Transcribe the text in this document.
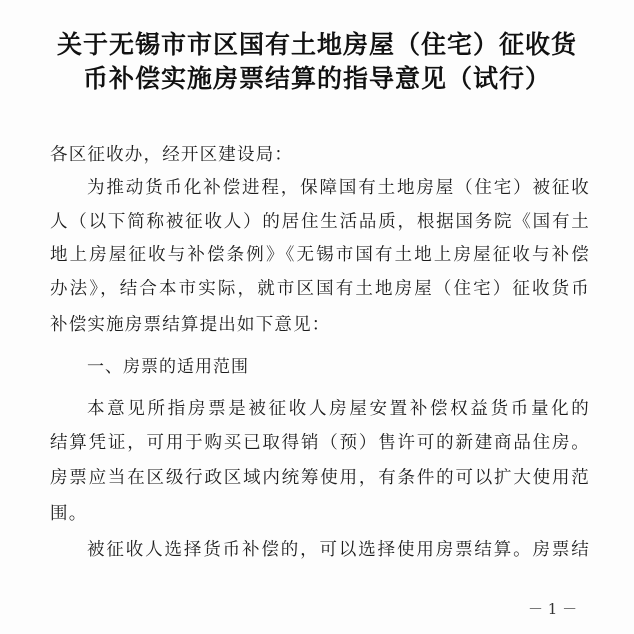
关于无锡市市区国有土地房屋（住宅）征收货
币补偿实施房票结算的指导意见（试行）
各区征收办，经开区建设局：
为推动货币化补偿进程，保障国有土地房屋（住宅）被征收
人（以下简称被征收人）的居住生活品质，根据国务院《国有土
地上房屋征收与补偿条例》《无锡市国有土地上房屋征收与补偿
办法》，结合本市实际，就市区国有土地房屋（住宅）征收货币
补偿实施房票结算提出如下意见：
一、房票的适用范围
本意见所指房票是被征收人房屋安置补偿权益货币量化的
结算凭证，可用于购买已取得销（预）售许可的新建商品住房。
房票应当在区级行政区域内统筹使用，有条件的可以扩大使用范
围。
被征收人选择货币补偿的，可以选择使用房票结算。房票结
－ 1 －
